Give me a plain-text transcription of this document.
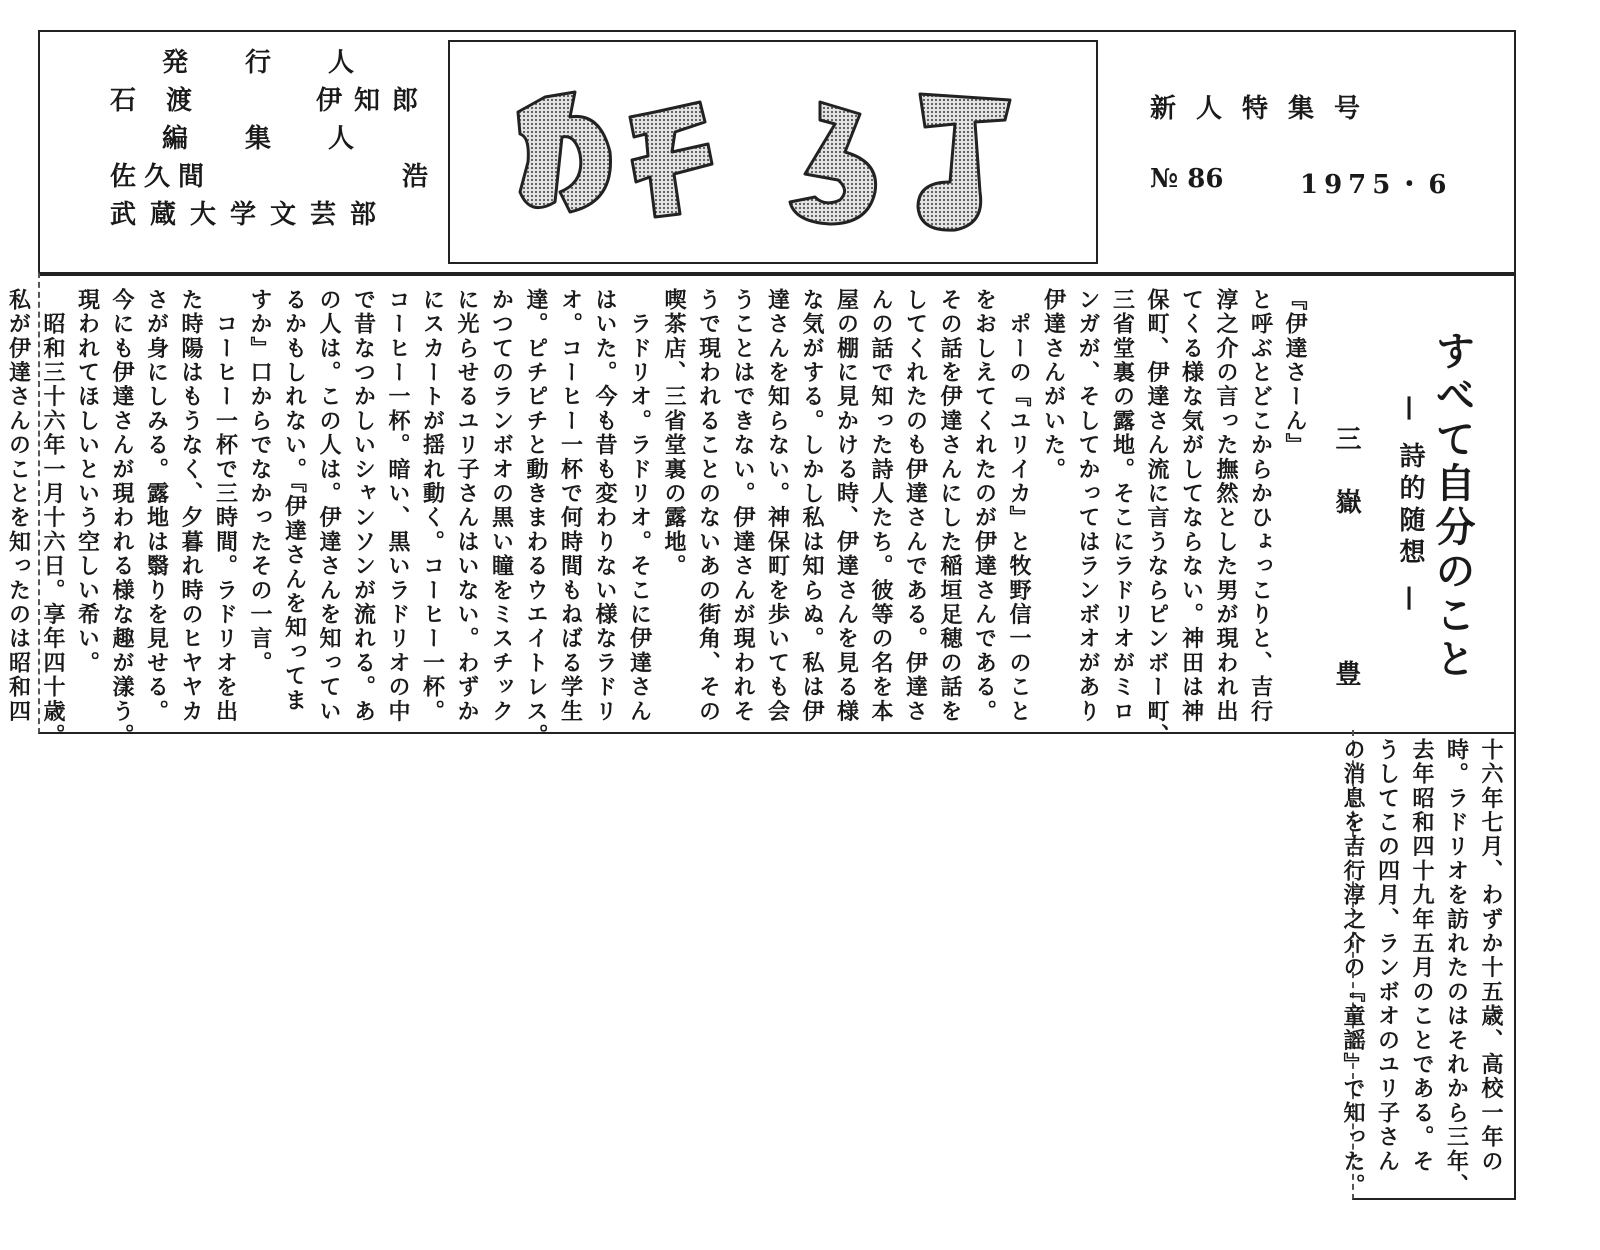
発 行 人
石　渡	伊知郎
編 集 人
佐久間	浩
武蔵大学文芸部
めがろぽ
新人特集号
№ 86	1975・6
すべて自分のこと
— 詩的随想 —
三 嶽
豊
『伊達さーん』
と呼ぶとどこからかひょっこりと、吉行
淳之介の言った撫然とした男が現われ出
てくる様な気がしてならない。神田は神
保町、伊達さん流に言うならピンボー町、
三省堂裏の露地。そこにラドリオがミロ
ンガが、そしてかってはランボオがあり
伊達さんがいた。
　ポーの『ユリイカ』と牧野信一のこと
をおしえてくれたのが伊達さんである。
その話を伊達さんにした稲垣足穂の話を
してくれたのも伊達さんである。伊達さ
んの話で知った詩人たち。彼等の名を本
屋の棚に見かける時、伊達さんを見る様
な気がする。しかし私は知らぬ。私は伊
達さんを知らない。神保町を歩いても会
うことはできない。伊達さんが現われそ
うで現われることのないあの街角、その
喫茶店、三省堂裏の露地。
　ラドリオ。ラドリオ。そこに伊達さん
はいた。今も昔も変わりない様なラドリ
オ。コーヒー一杯で何時間もねばる学生
達。ピチピチと動きまわるウエイトレス。
かつてのランボオの黒い瞳をミスチック
に光らせるユリ子さんはいない。わずか
にスカートが揺れ動く。コーヒー一杯。
コーヒー一杯。暗い、黒いラドリオの中
で昔なつかしいシャンソンが流れる。あ
の人は。この人は。伊達さんを知ってい
るかもしれない。『伊達さんを知ってま
すか』口からでなかったその一言。
　コーヒー一杯で三時間。ラドリオを出
た時陽はもうなく、夕暮れ時のヒヤヤカ
さが身にしみる。露地は翳りを見せる。
今にも伊達さんが現われる様な趣が漾う。
現われてほしいという空しい希い。
　昭和三十六年一月十六日。享年四十歳。
私が伊達さんのことを知ったのは昭和四
十六年七月、わずか十五歳、高校一年の
時。ラドリオを訪れたのはそれから三年、
去年昭和四十九年五月のことである。そ
うしてこの四月、ランボオのユリ子さん
の消息を吉行淳之介の『童謡』で知った。
